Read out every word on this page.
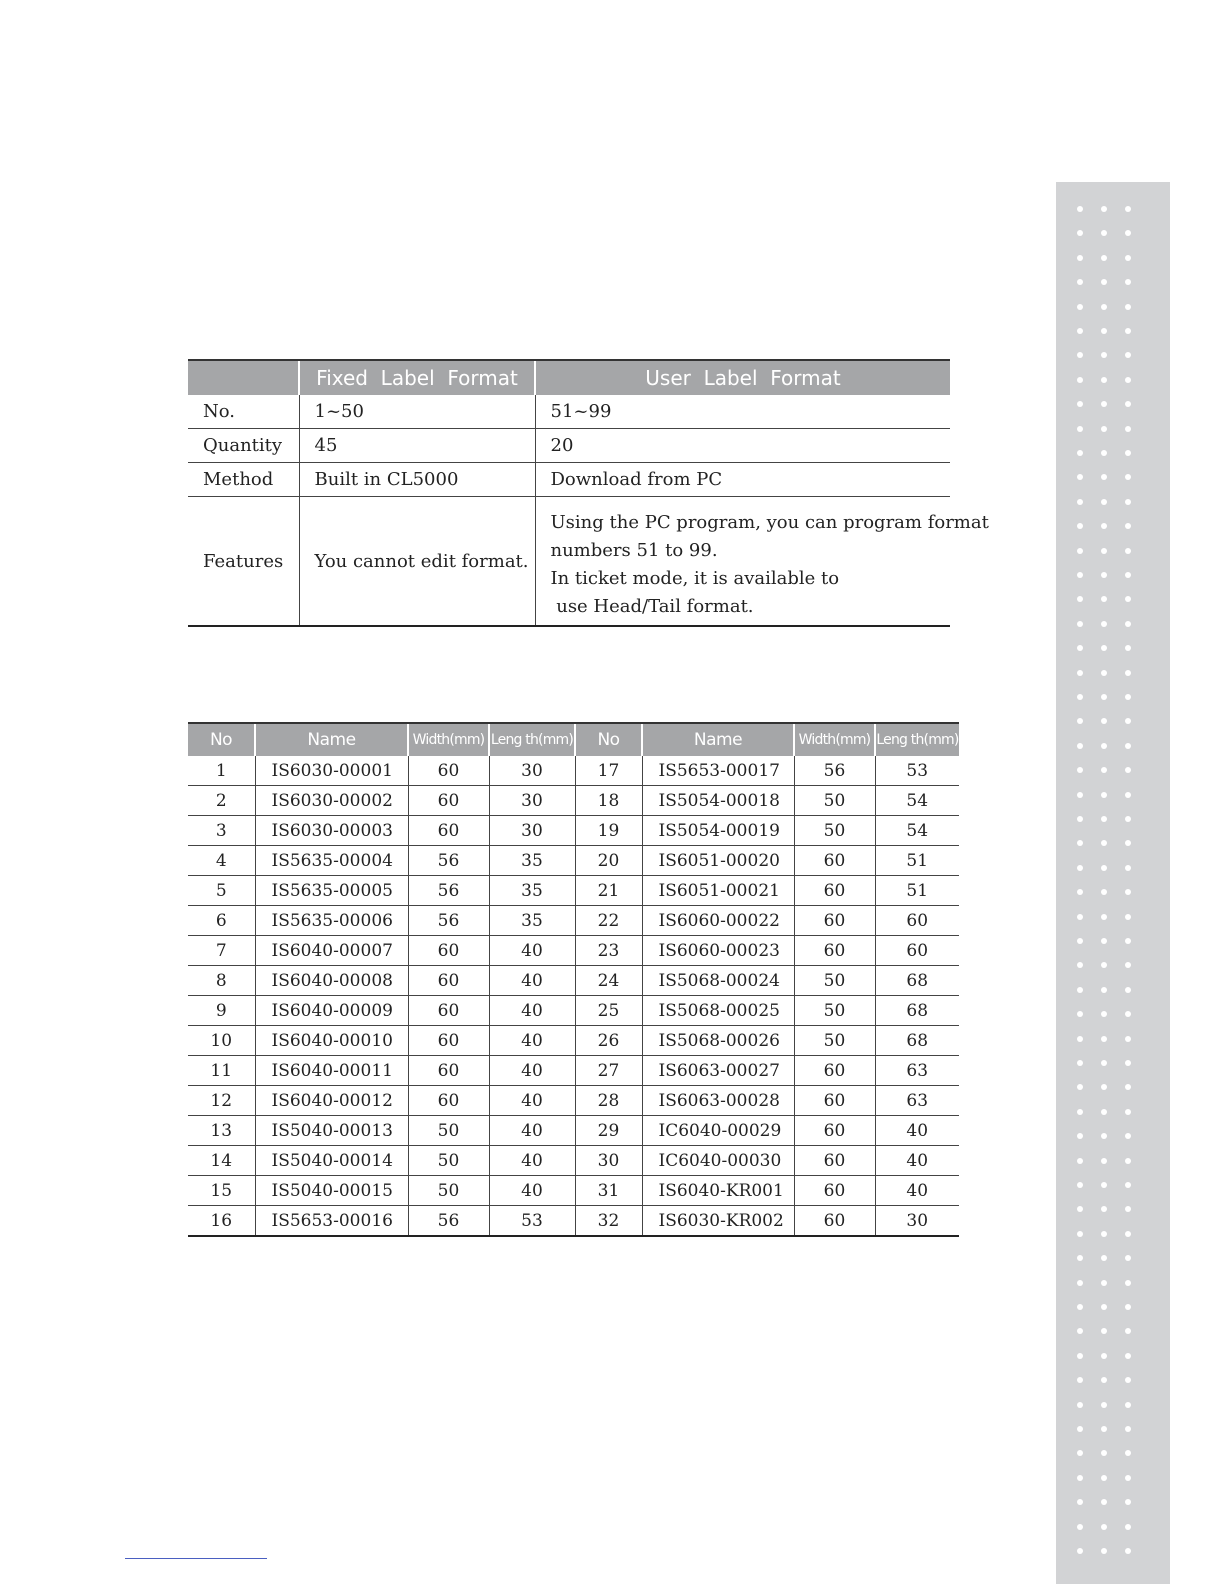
	Fixed  Label  Format	User  Label  Format
No.	1~50	51~99
Quantity	45	20
Method	Built in CL5000	Download from PC
Features	You cannot edit format.	Using the PC program, you can program format
numbers 51 to 99.
In ticket mode, it is available to
use Head/Tail format.
No	Name	Width(mm)	Leng th(mm)	No	Name	Width(mm)	Leng th(mm)
1	IS6030-00001	60	30	17	IS5653-00017	56	53
2	IS6030-00002	60	30	18	IS5054-00018	50	54
3	IS6030-00003	60	30	19	IS5054-00019	50	54
4	IS5635-00004	56	35	20	IS6051-00020	60	51
5	IS5635-00005	56	35	21	IS6051-00021	60	51
6	IS5635-00006	56	35	22	IS6060-00022	60	60
7	IS6040-00007	60	40	23	IS6060-00023	60	60
8	IS6040-00008	60	40	24	IS5068-00024	50	68
9	IS6040-00009	60	40	25	IS5068-00025	50	68
10	IS6040-00010	60	40	26	IS5068-00026	50	68
11	IS6040-00011	60	40	27	IS6063-00027	60	63
12	IS6040-00012	60	40	28	IS6063-00028	60	63
13	IS5040-00013	50	40	29	IC6040-00029	60	40
14	IS5040-00014	50	40	30	IC6040-00030	60	40
15	IS5040-00015	50	40	31	IS6040-KR001	60	40
16	IS5653-00016	56	53	32	IS6030-KR002	60	30
